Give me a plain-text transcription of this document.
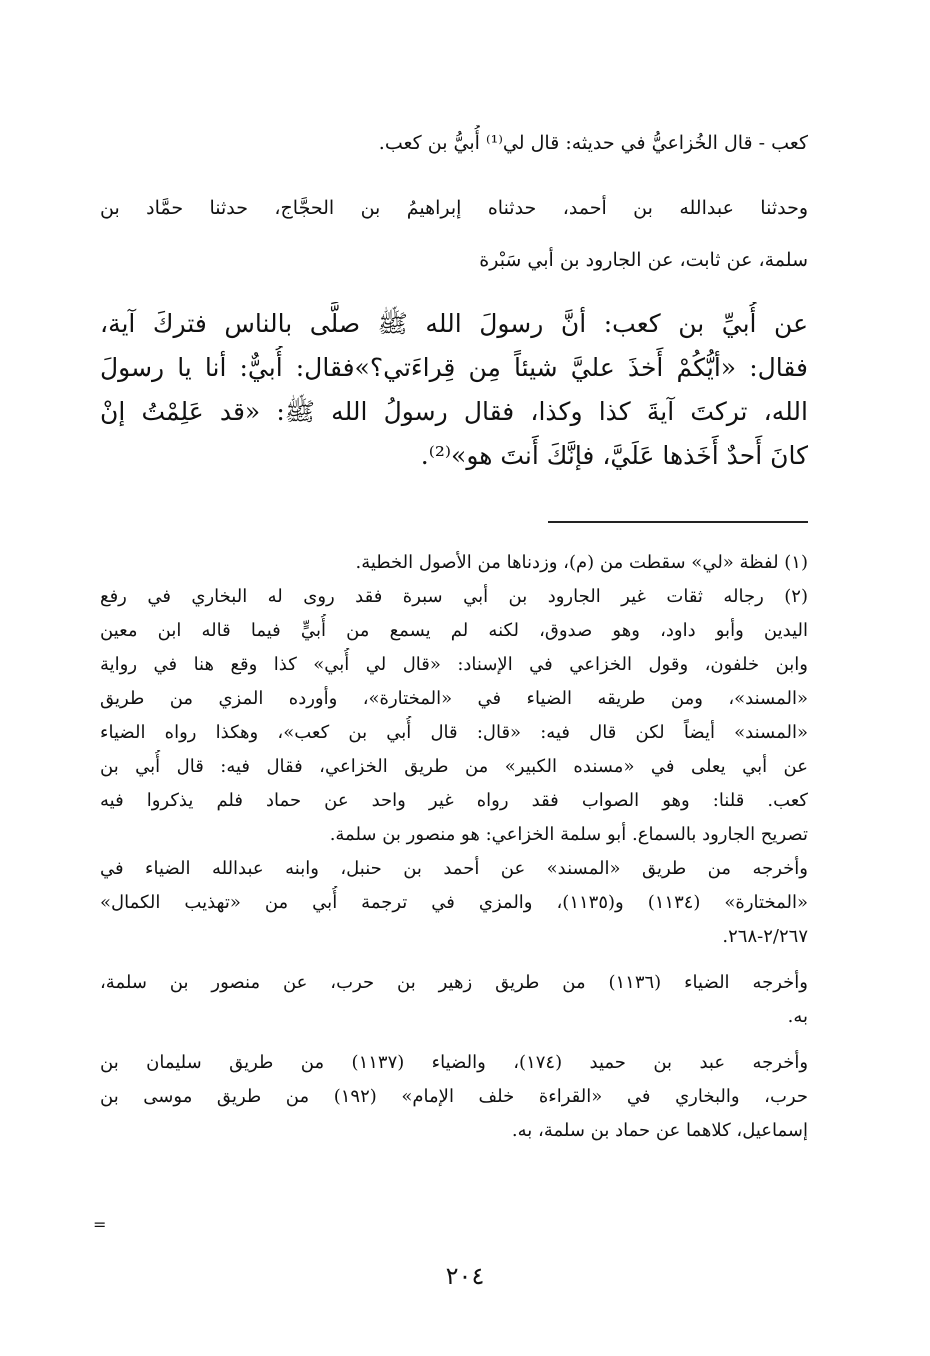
كعب - قال الخُزاعيُّ في حديثه: قال لي⁽¹⁾ أُبيُّ بن كعب.
وحدثنا عبدالله بن أحمد، حدثناه إبراهيمُ بن الحجَّاج، حدثنا حمَّاد بن
سلمة، عن ثابت، عن الجارود بن أبي سَبْرة
عن أُبيِّ بن كعب: أنَّ رسولَ الله ﷺ صلَّى بالناس فتركَ آية،
فقال: «أيُّكُمْ أَخذَ عليَّ شيئاً مِن قِراءَتي؟»فقال: أُبيٌّ: أنا يا رسولَ
الله، تركتَ آيةَ كذا وكذا، فقال رسولُ الله ﷺ: «قد عَلِمْتُ إنْ
كانَ أَحدٌ أَخَذها عَلَيَّ، فإنَّكَ أَنتَ هو»⁽²⁾.
(١) لفظة «لي» سقطت من (م)، وزدناها من الأصول الخطية.
(٢) رجاله ثقات غير الجارود بن أبي سبرة فقد روى له البخاري في رفع
اليدين وأبو داود، وهو صدوق، لكنه لم يسمع من أُبيٍّ فيما قاله ابن معين
وابن خلفون، وقول الخزاعي في الإسناد: «قال لي أُبي» كذا وقع هنا في رواية
«المسند»، ومن طريقه الضياء في «المختارة»، وأورده المزي من طريق
«المسند» أيضاً لكن قال فيه: «قال: قال أُبي بن كعب»، وهكذا رواه الضياء
عن أبي يعلى في «مسنده الكبير» من طريق الخزاعي، فقال فيه: قال أُبي بن
كعب. قلنا: وهو الصواب فقد رواه غير واحد عن حماد فلم يذكروا فيه
تصريح الجارود بالسماع. أبو سلمة الخزاعي: هو منصور بن سلمة.
وأخرجه من طريق «المسند» عن أحمد بن حنبل، وابنه عبدالله الضياء في
«المختارة» (١١٣٤) و(١١٣٥)، والمزي في ترجمة أُبي من «تهذيب الكمال»
٢/٢٦٧-٢٦٨.
وأخرجه الضياء (١١٣٦) من طريق زهير بن حرب، عن منصور بن سلمة،
به.
وأخرجه عبد بن حميد (١٧٤)، والضياء (١١٣٧) من طريق سليمان بن
حرب، والبخاري في «القراءة خلف الإمام» (١٩٢) من طريق موسى بن
إسماعيل، كلاهما عن حماد بن سلمة، به.
=
٢٠٤
